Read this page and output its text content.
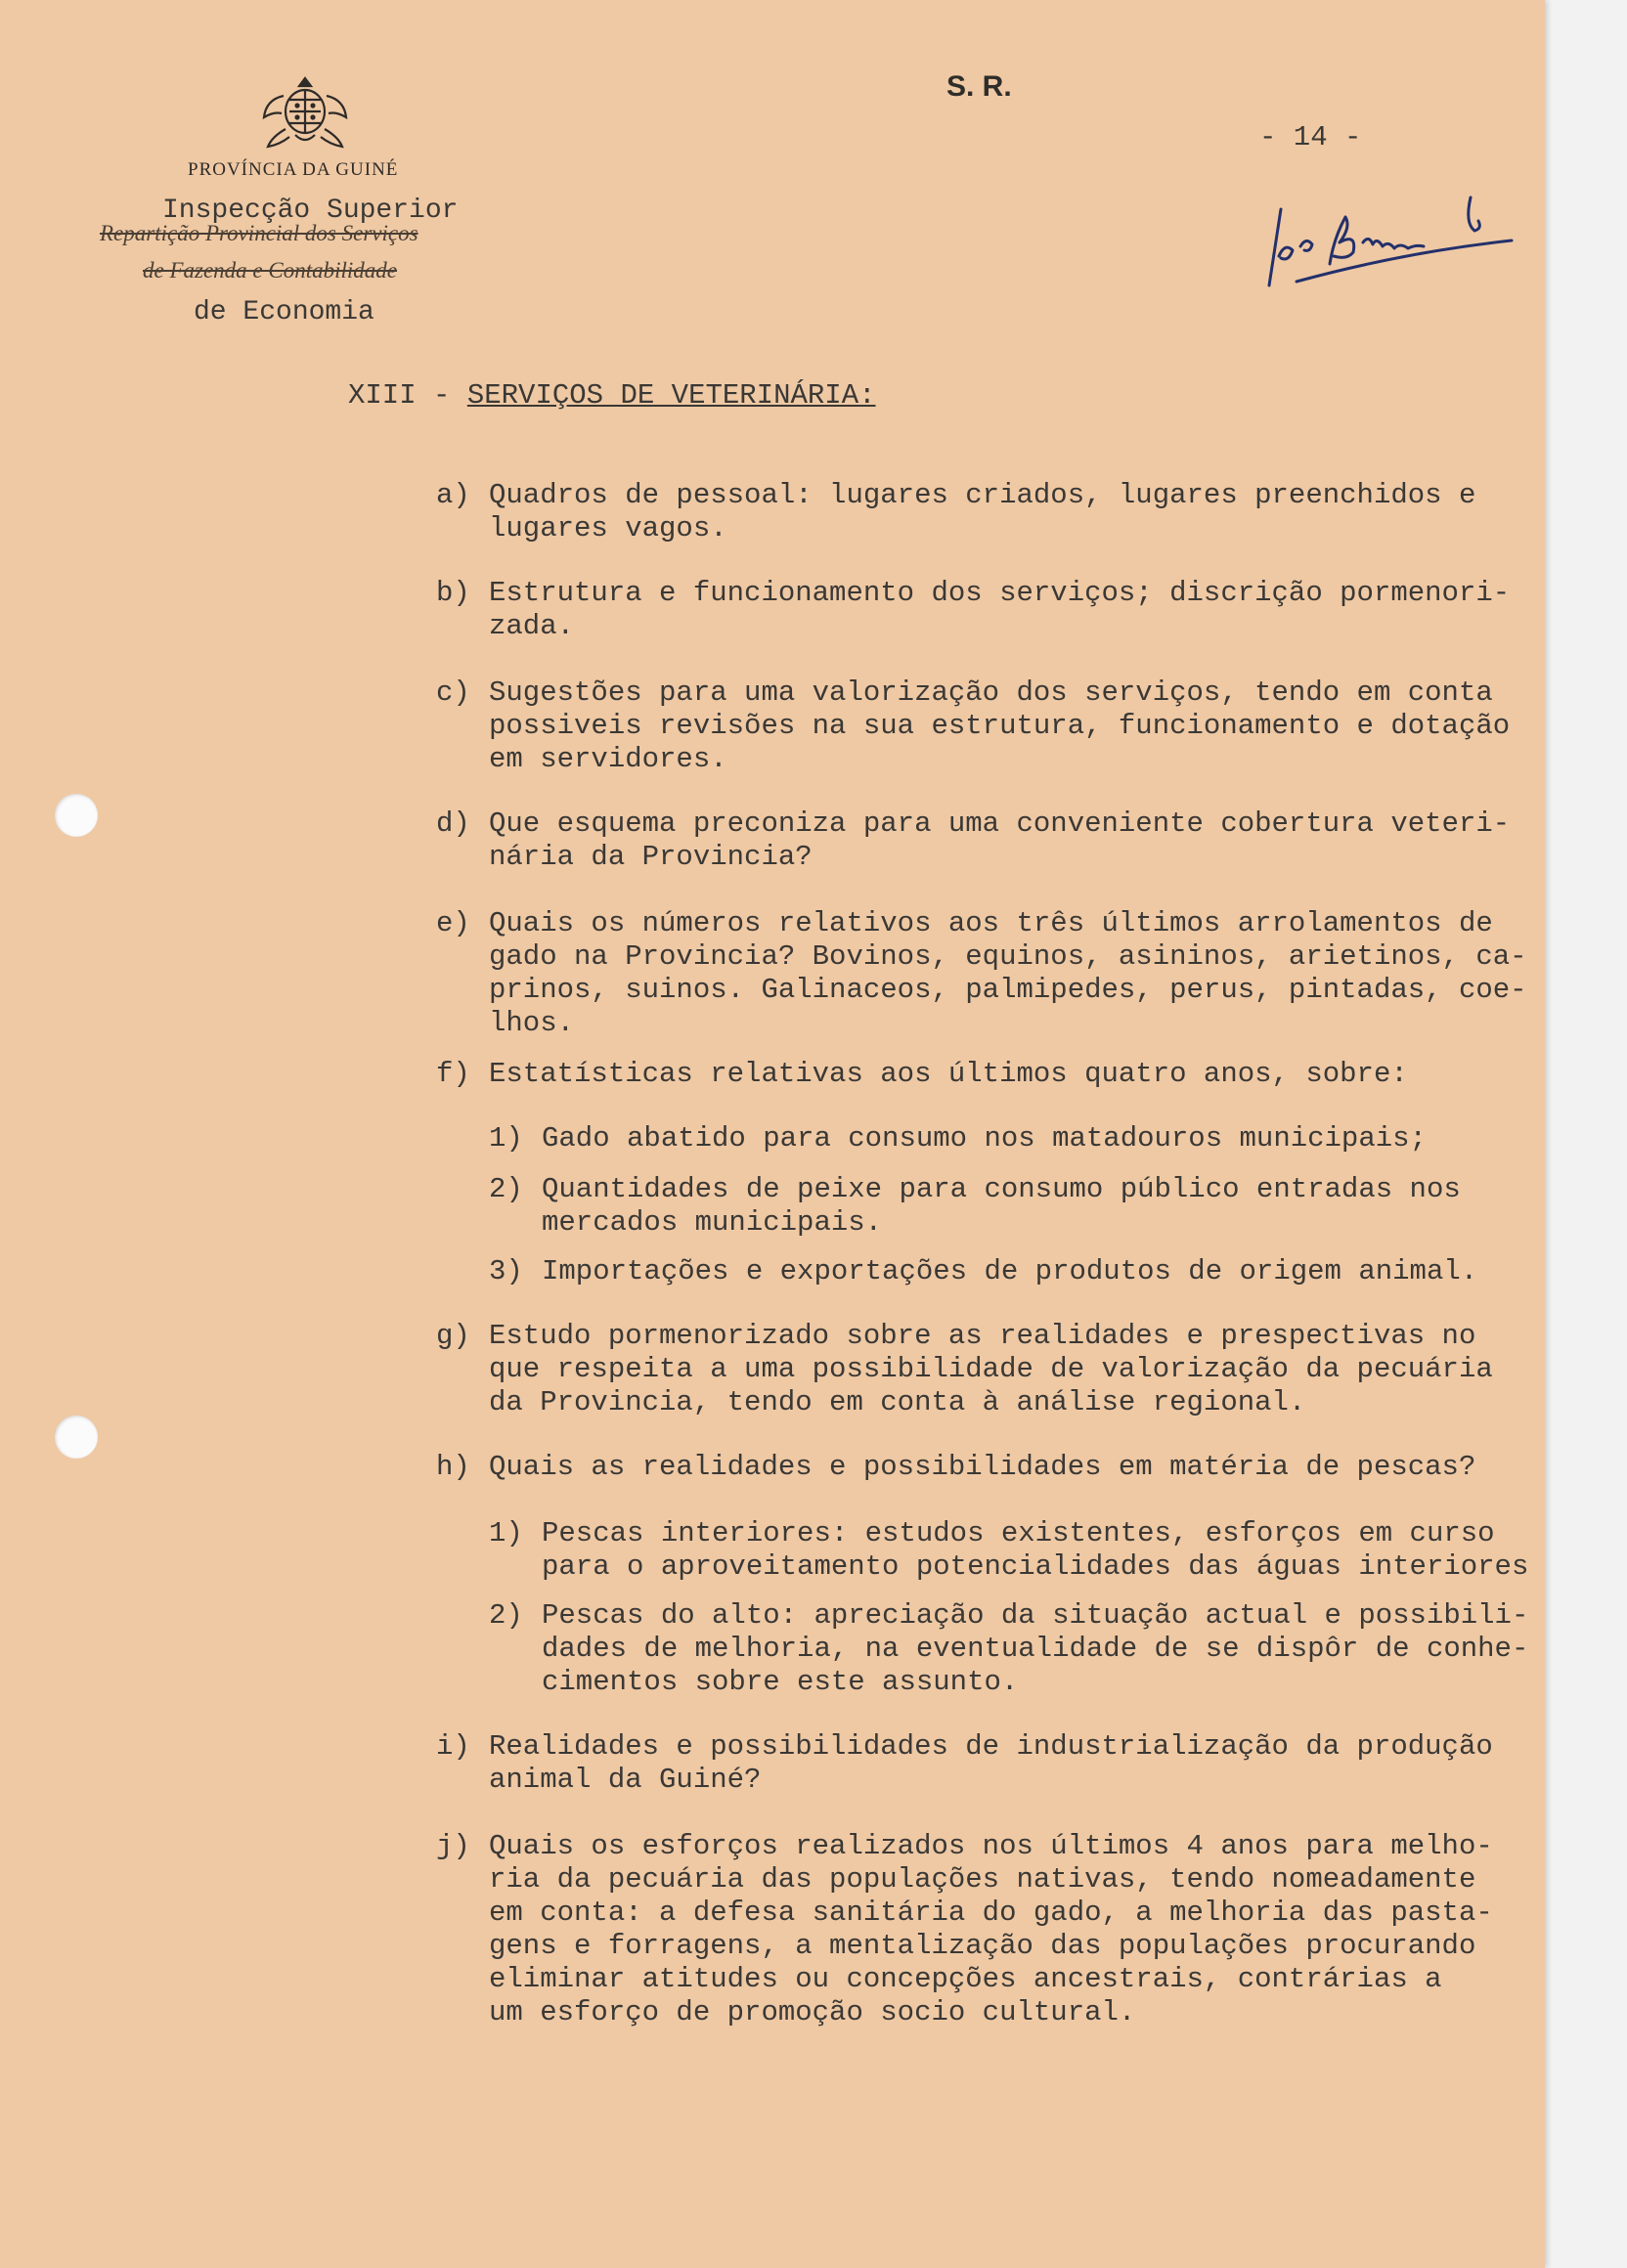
PROVÍNCIA DA GUINÉ
Inspecção Superior
Repartição Provincial dos Serviços
de Fazenda e Contabilidade
de Economia
S. R.
- 14 -
XIII - SERVIÇOS DE VETERINÁRIA:
a) Quadros de pessoal: lugares criados, lugares preenchidos e
lugares vagos.
b) Estrutura e funcionamento dos serviços; discrição pormenori-
zada.
c) Sugestões para uma valorização dos serviços, tendo em conta
possiveis revisões na sua estrutura, funcionamento e dotação
em servidores.
d) Que esquema preconiza para uma conveniente cobertura veteri-
nária da Provincia?
e) Quais os números relativos aos três últimos arrolamentos de
gado na Provincia? Bovinos, equinos, asininos, arietinos, ca-
prinos, suinos. Galinaceos, palmipedes, perus, pintadas, coe-
lhos.
f) Estatísticas relativas aos últimos quatro anos, sobre:
1) Gado abatido para consumo nos matadouros municipais;
2) Quantidades de peixe para consumo público entradas nos
mercados municipais.
3) Importações e exportações de produtos de origem animal.
g) Estudo pormenorizado sobre as realidades e prespectivas no
que respeita a uma possibilidade de valorização da pecuária
da Provincia, tendo em conta à análise regional.
h) Quais as realidades e possibilidades em matéria de pescas?
1) Pescas interiores: estudos existentes, esforços em curso
para o aproveitamento potencialidades das águas interiores
2) Pescas do alto: apreciação da situação actual e possibili-
dades de melhoria, na eventualidade de se dispôr de conhe-
cimentos sobre este assunto.
i) Realidades e possibilidades de industrialização da produção
animal da Guiné?
j) Quais os esforços realizados nos últimos 4 anos para melho-
ria da pecuária das populações nativas, tendo nomeadamente
em conta: a defesa sanitária do gado, a melhoria das pasta-
gens e forragens, a mentalização das populações procurando
eliminar atitudes ou concepções ancestrais, contrárias a
um esforço de promoção socio cultural.
